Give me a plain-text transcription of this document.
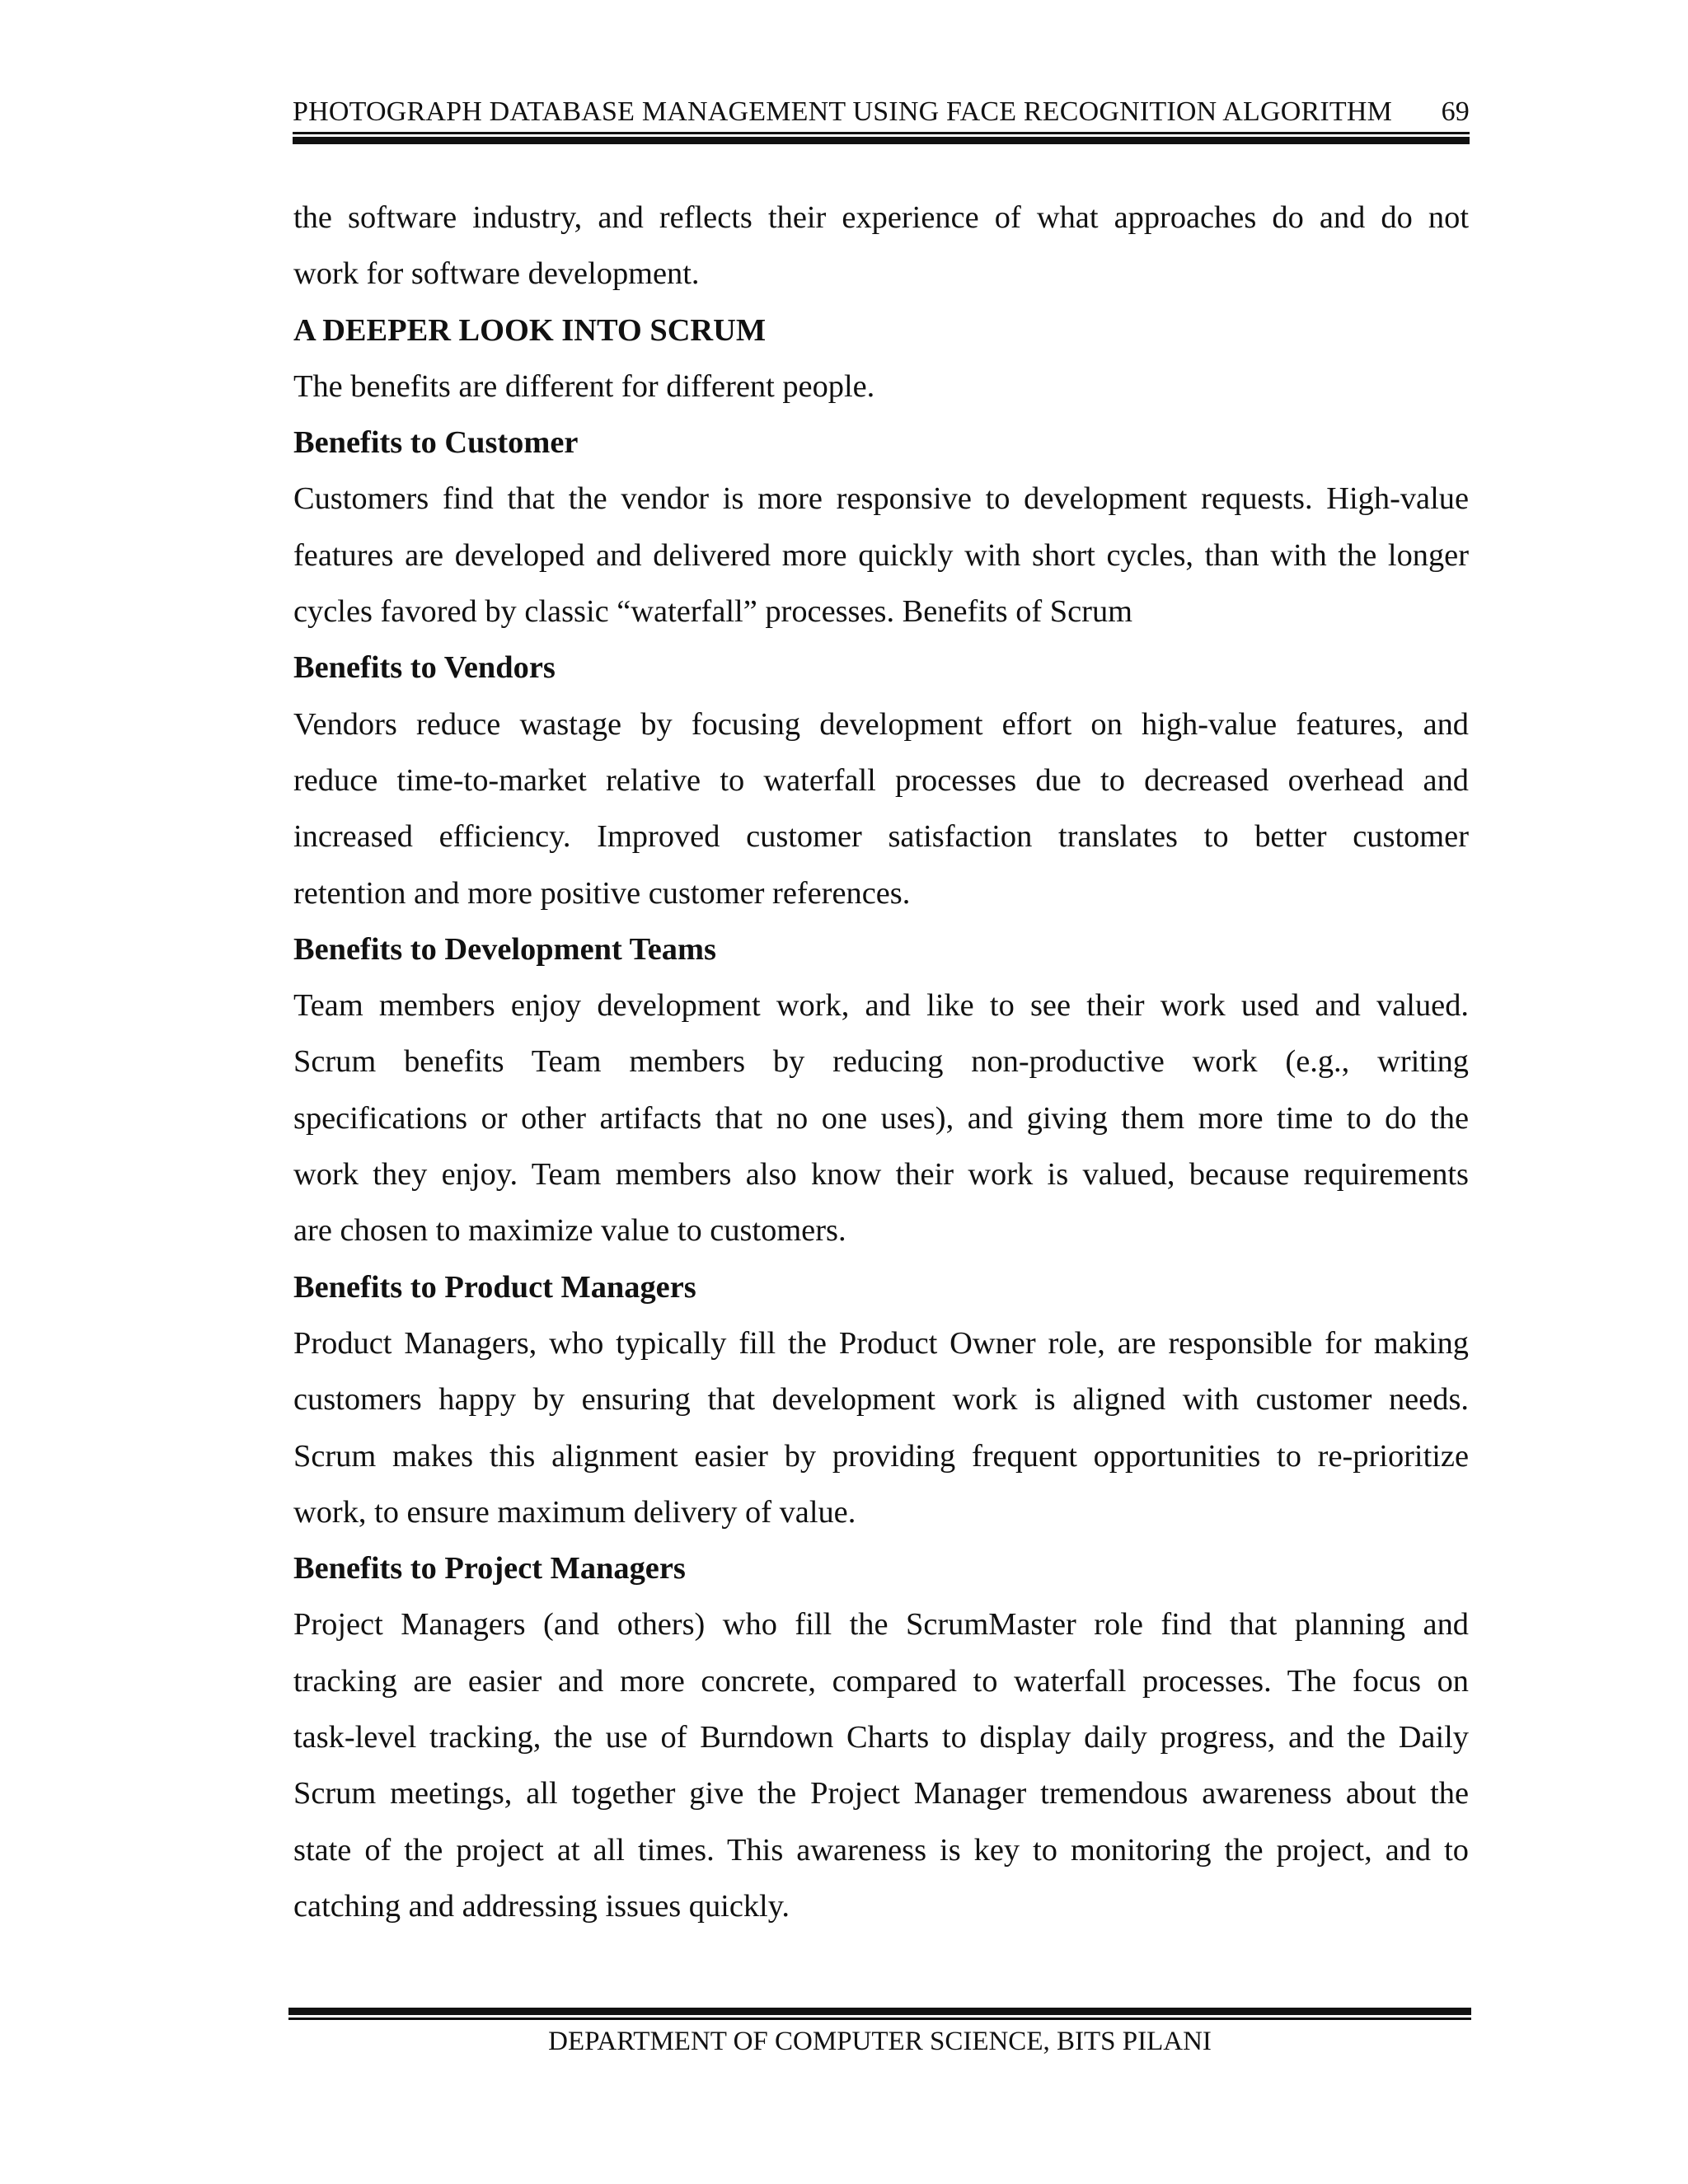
PHOTOGRAPH DATABASE MANAGEMENT USING FACE RECOGNITION ALGORITHM 69
the software industry, and reflects their experience of what approaches do and do not
work for software development.
A DEEPER LOOK INTO SCRUM
The benefits are different for different people.
Benefits to Customer
Customers find that the vendor is more responsive to development requests. High-value
features are developed and delivered more quickly with short cycles, than with the longer
cycles favored by classic “waterfall” processes. Benefits of Scrum
Benefits to Vendors
Vendors reduce wastage by focusing development effort on high-value features, and
reduce time-to-market relative to waterfall processes due to decreased overhead and
increased efficiency. Improved customer satisfaction translates to better customer
retention and more positive customer references.
Benefits to Development Teams
Team members enjoy development work, and like to see their work used and valued.
Scrum benefits Team members by reducing non-productive work (e.g., writing
specifications or other artifacts that no one uses), and giving them more time to do the
work they enjoy. Team members also know their work is valued, because requirements
are chosen to maximize value to customers.
Benefits to Product Managers
Product Managers, who typically fill the Product Owner role, are responsible for making
customers happy by ensuring that development work is aligned with customer needs.
Scrum makes this alignment easier by providing frequent opportunities to re-prioritize
work, to ensure maximum delivery of value.
Benefits to Project Managers
Project Managers (and others) who fill the ScrumMaster role find that planning and
tracking are easier and more concrete, compared to waterfall processes. The focus on
task-level tracking, the use of Burndown Charts to display daily progress, and the Daily
Scrum meetings, all together give the Project Manager tremendous awareness about the
state of the project at all times. This awareness is key to monitoring the project, and to
catching and addressing issues quickly.
DEPARTMENT OF COMPUTER SCIENCE, BITS PILANI
